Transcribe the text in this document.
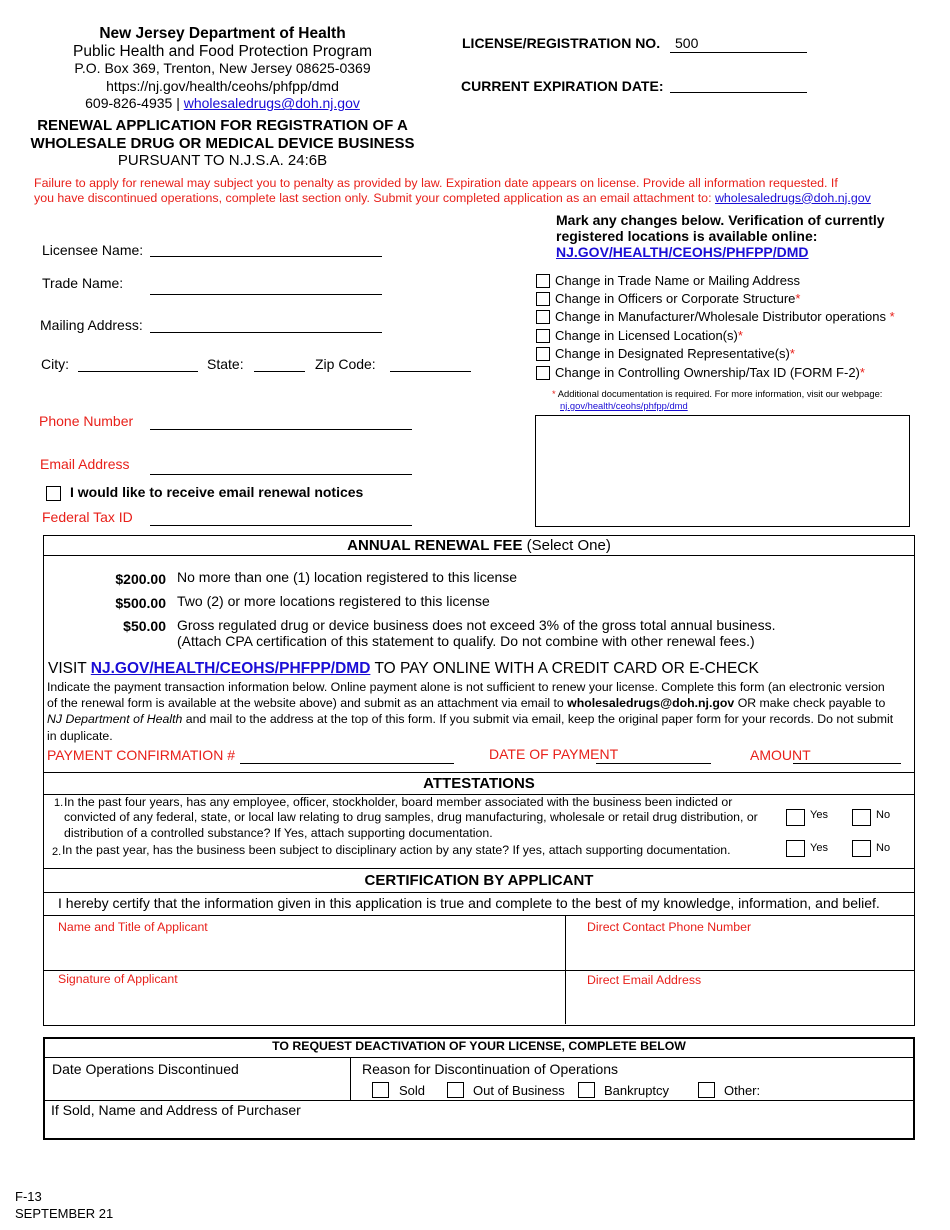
New Jersey Department of Health
Public Health and Food Protection Program
P.O. Box 369, Trenton, New Jersey 08625-0369
https://nj.gov/health/ceohs/phfpp/dmd
609-826-4935 | wholesaledrugs@doh.nj.gov
LICENSE/REGISTRATION NO. 500
CURRENT EXPIRATION DATE:
RENEWAL APPLICATION FOR REGISTRATION OF A
WHOLESALE DRUG OR MEDICAL DEVICE BUSINESS
PURSUANT TO N.J.S.A. 24:6B
Failure to apply for renewal may subject you to penalty as provided by law. Expiration date appears on license. Provide all information requested. If
you have discontinued operations, complete last section only. Submit your completed application as an email attachment to: wholesaledrugs@doh.nj.gov
Licensee Name:
Trade Name:
Mailing Address:
City:	State:	Zip Code:
Phone Number
Email Address
I would like to receive email renewal notices
Federal Tax ID
Mark any changes below. Verification of currently
registered locations is available online:
NJ.GOV/HEALTH/CEOHS/PHFPP/DMD
Change in Trade Name or Mailing Address
Change in Officers or Corporate Structure*
Change in Manufacturer/Wholesale Distributor operations *
Change in Licensed Location(s)*
Change in Designated Representative(s)*
Change in Controlling Ownership/Tax ID (FORM F-2)*
* Additional documentation is required. For more information, visit our webpage:
nj.gov/health/ceohs/phfpp/dmd
ANNUAL RENEWAL FEE (Select One)
$200.00 No more than one (1) location registered to this license
$500.00 Two (2) or more locations registered to this license
$50.00 Gross regulated drug or device business does not exceed 3% of the gross total annual business.
(Attach CPA certification of this statement to qualify. Do not combine with other renewal fees.)
VISIT NJ.GOV/HEALTH/CEOHS/PHFPP/DMD TO PAY ONLINE WITH A CREDIT CARD OR E-CHECK
Indicate the payment transaction information below. Online payment alone is not sufficient to renew your license. Complete this form (an electronic version
of the renewal form is available at the website above) and submit as an attachment via email to wholesaledrugs@doh.nj.gov OR make check payable to
NJ Department of Health and mail to the address at the top of this form. If you submit via email, keep the original paper form for your records. Do not submit
in duplicate.
PAYMENT CONFIRMATION #	DATE OF PAYMENT	AMOUNT
ATTESTATIONS
1. In the past four years, has any employee, officer, stockholder, board member associated with the business been indicted or
convicted of any federal, state, or local law relating to drug samples, drug manufacturing, wholesale or retail drug distribution, or
distribution of a controlled substance? If Yes, attach supporting documentation.
Yes	No
2. In the past year, has the business been subject to disciplinary action by any state? If yes, attach supporting documentation.	Yes	No
CERTIFICATION BY APPLICANT
I hereby certify that the information given in this application is true and complete to the best of my knowledge, information, and belief.
Name and Title of Applicant	Direct Contact Phone Number
Signature of Applicant	Direct Email Address
TO REQUEST DEACTIVATION OF YOUR LICENSE, COMPLETE BELOW
Date Operations Discontinued	Reason for Discontinuation of Operations
Sold	Out of Business	Bankruptcy	Other:
If Sold, Name and Address of Purchaser
F-13
SEPTEMBER 21
